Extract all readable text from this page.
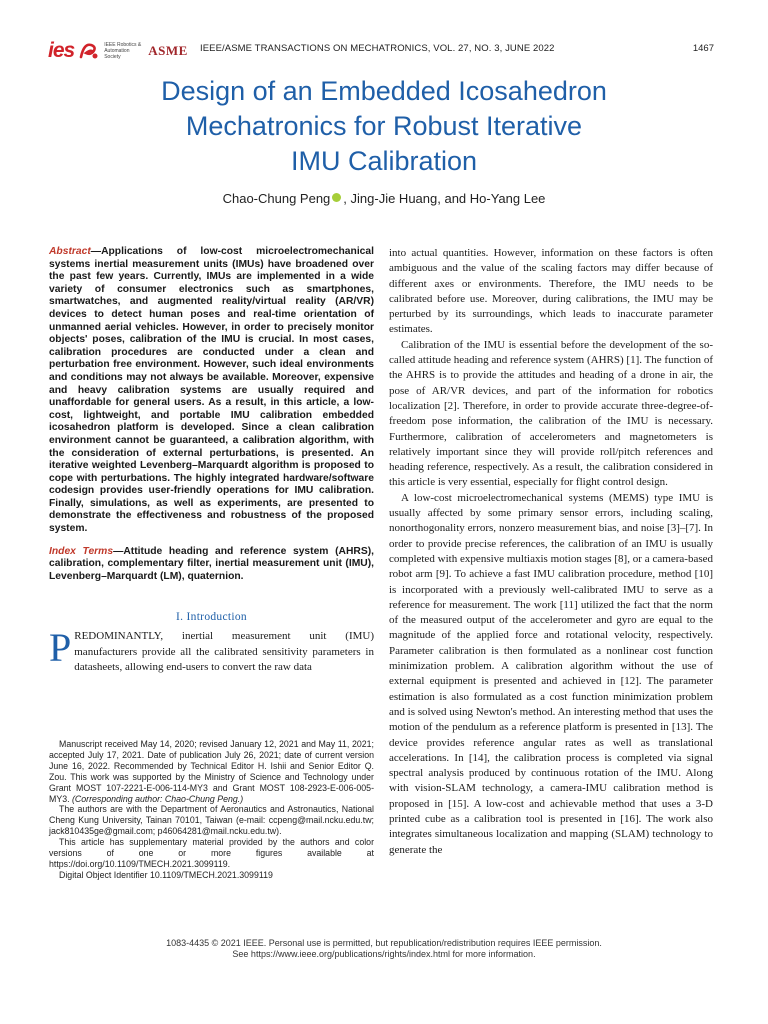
ies	IEEE Robotics & Automation Society	ASME IEEE/ASME TRANSACTIONS ON MECHATRONICS, VOL. 27, NO. 3, JUNE 2022	1467
Design of an Embedded Icosahedron
Mechatronics for Robust Iterative
IMU Calibration
Chao-Chung Peng , Jing-Jie Huang, and Ho-Yang Lee

Abstract—Applications of low-cost microelectromechanical systems inertial measurement units (IMUs) have broadened over the past few years. Currently, IMUs are implemented in a wide variety of consumer electronics such as smartphones, smartwatches, and augmented reality/virtual reality (AR/VR) devices to detect human poses and real-time orientation of unmanned aerial vehicles. However, in order to precisely monitor objects' poses, calibration of the IMU is crucial. In most cases, calibration procedures are conducted under a clean and perturbation free environment. However, such ideal environments and conditions may not always be available. Moreover, expensive and heavy calibration systems are usually required and unaffordable for general users. As a result, in this article, a low-cost, lightweight, and portable IMU calibration embedded icosahedron platform is developed. Since a clean calibration environment cannot be guaranteed, a calibration algorithm, with the consideration of external perturbations, is presented. An iterative weighted Levenberg–Marquardt algorithm is proposed to cope with perturbations. The highly integrated hardware/software codesign provides user-friendly operations for IMU calibration. Finally, simulations, as well as experiments, are presented to demonstrate the effectiveness and robustness of the proposed system.

Index Terms—Attitude heading and reference system (AHRS), calibration, complementary filter, inertial measurement unit (IMU), Levenberg–Marquardt (LM), quaternion.

I. Introduction

PREDOMINANTLY, inertial measurement unit (IMU) manufacturers provide all the calibrated sensitivity parameters in datasheets, allowing end-users to convert the raw data

Manuscript received May 14, 2020; revised January 12, 2021 and May 11, 2021; accepted July 17, 2021. Date of publication July 26, 2021; date of current version June 16, 2022. Recommended by Technical Editor H. Ishii and Senior Editor Q. Zou. This work was supported by the Ministry of Science and Technology under Grant MOST 107-2221-E-006-114-MY3 and Grant MOST 108-2923-E-006-005-MY3. (Corresponding author: Chao-Chung Peng.)

The authors are with the Department of Aeronautics and Astronautics, National Cheng Kung University, Tainan 70101, Taiwan (e-mail: ccpeng@mail.ncku.edu.tw; jack810435ge@gmail.com; p46064281@mail.ncku.edu.tw).

This article has supplementary material provided by the authors and color versions of one or more figures available at https://doi.org/10.1109/TMECH.2021.3099119.

Digital Object Identifier 10.1109/TMECH.2021.3099119

into actual quantities. However, information on these factors is often ambiguous and the value of the scaling factors may differ because of different axes or environments. Therefore, the IMU needs to be calibrated before use. Moreover, during calibrations, the IMU may be perturbed by its surroundings, which leads to inaccurate parameter estimates.

Calibration of the IMU is essential before the development of the so-called attitude heading and reference system (AHRS) [1]. The function of the AHRS is to provide the attitudes and heading of a drone in air, the pose of AR/VR devices, and part of the information for robotics localization [2]. Therefore, in order to provide accurate three-degree-of-freedom pose information, the calibration of the IMU is necessary. Furthermore, calibration of accelerometers and magnetometers is relatively important since they will provide roll/pitch references and heading reference, respectively. As a result, the calibration considered in this article is very essential, especially for flight control design.

A low-cost microelectromechanical systems (MEMS) type IMU is usually affected by some primary sensor errors, including scaling, nonorthogonality errors, nonzero measurement bias, and noise [3]–[7]. In order to provide precise references, the calibration of an IMU is usually completed with expensive multiaxis motion stages [8], or a camera-based robot arm [9]. To achieve a fast IMU calibration procedure, method [10] is incorporated with a previously well-calibrated IMU to serve as a reference for measurement. The work [11] utilized the fact that the norm of the measured output of the accelerometer and gyro are equal to the magnitude of the applied force and rotational velocity, respectively. Parameter calibration is then formulated as a nonlinear cost function minimization problem. A calibration algorithm without the use of external equipment is presented and achieved in [12]. The parameter estimation is also formulated as a cost function minimization problem and is solved using Newton's method. An interesting method that uses the motion of the pendulum as a reference platform is presented in [13]. The device provides reference angular rates as well as translational accelerations. In [14], the calibration process is completed via signal spectral analysis produced by continuous rotation of the IMU. Along with vision-SLAM technology, a camera-IMU calibration method is proposed in [15]. A low-cost and achievable method that uses a 3-D printed cube as a calibration tool is presented in [16]. The work also integrates simultaneous localization and mapping (SLAM) technology to generate the

1083-4435 © 2021 IEEE. Personal use is permitted, but republication/redistribution requires IEEE permission.
See https://www.ieee.org/publications/rights/index.html for more information.
